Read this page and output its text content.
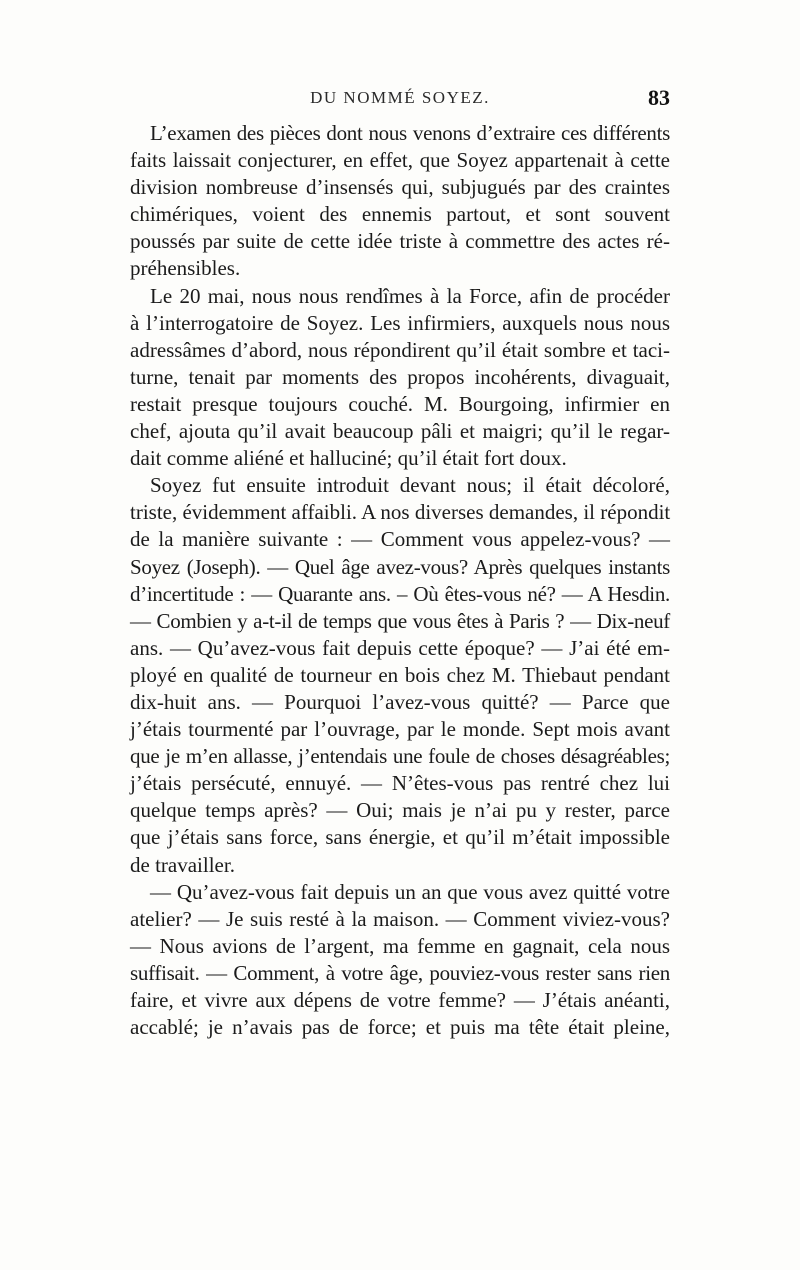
DU NOMMÉ SOYEZ.	83
L’examen des pièces dont nous venons d’extraire ces différents
faits laissait conjecturer, en effet, que Soyez appartenait à cette
division nombreuse d’insensés qui, subjugués par des craintes
chimériques, voient des ennemis partout, et sont souvent
poussés par suite de cette idée triste à commettre des actes ré-
préhensibles.
Le 20 mai, nous nous rendîmes à la Force, afin de procéder
à l’interrogatoire de Soyez. Les infirmiers, auxquels nous nous
adressâmes d’abord, nous répondirent qu’il était sombre et taci-
turne, tenait par moments des propos incohérents, divaguait,
restait presque toujours couché. M. Bourgoing, infirmier en
chef, ajouta qu’il avait beaucoup pâli et maigri; qu’il le regar-
dait comme aliéné et halluciné; qu’il était fort doux.
Soyez fut ensuite introduit devant nous; il était décoloré,
triste, évidemment affaibli. A nos diverses demandes, il répondit
de la manière suivante : — Comment vous appelez-vous? —
Soyez (Joseph). — Quel âge avez-vous? Après quelques instants
d’incertitude : — Quarante ans. – Où êtes-vous né? — A Hesdin.
— Combien y a-t-il de temps que vous êtes à Paris ? — Dix-neuf
ans. — Qu’avez-vous fait depuis cette époque? — J’ai été em-
ployé en qualité de tourneur en bois chez M. Thiebaut pendant
dix-huit ans. — Pourquoi l’avez-vous quitté? — Parce que
j’étais tourmenté par l’ouvrage, par le monde. Sept mois avant
que je m’en allasse, j’entendais une foule de choses désagréables;
j’étais persécuté, ennuyé. — N’êtes-vous pas rentré chez lui
quelque temps après? — Oui; mais je n’ai pu y rester, parce
que j’étais sans force, sans énergie, et qu’il m’était impossible
de travailler.
— Qu’avez-vous fait depuis un an que vous avez quitté votre
atelier? — Je suis resté à la maison. — Comment viviez-vous?
— Nous avions de l’argent, ma femme en gagnait, cela nous
suffisait. — Comment, à votre âge, pouviez-vous rester sans rien
faire, et vivre aux dépens de votre femme? — J’étais anéanti,
accablé; je n’avais pas de force; et puis ma tête était pleine,
